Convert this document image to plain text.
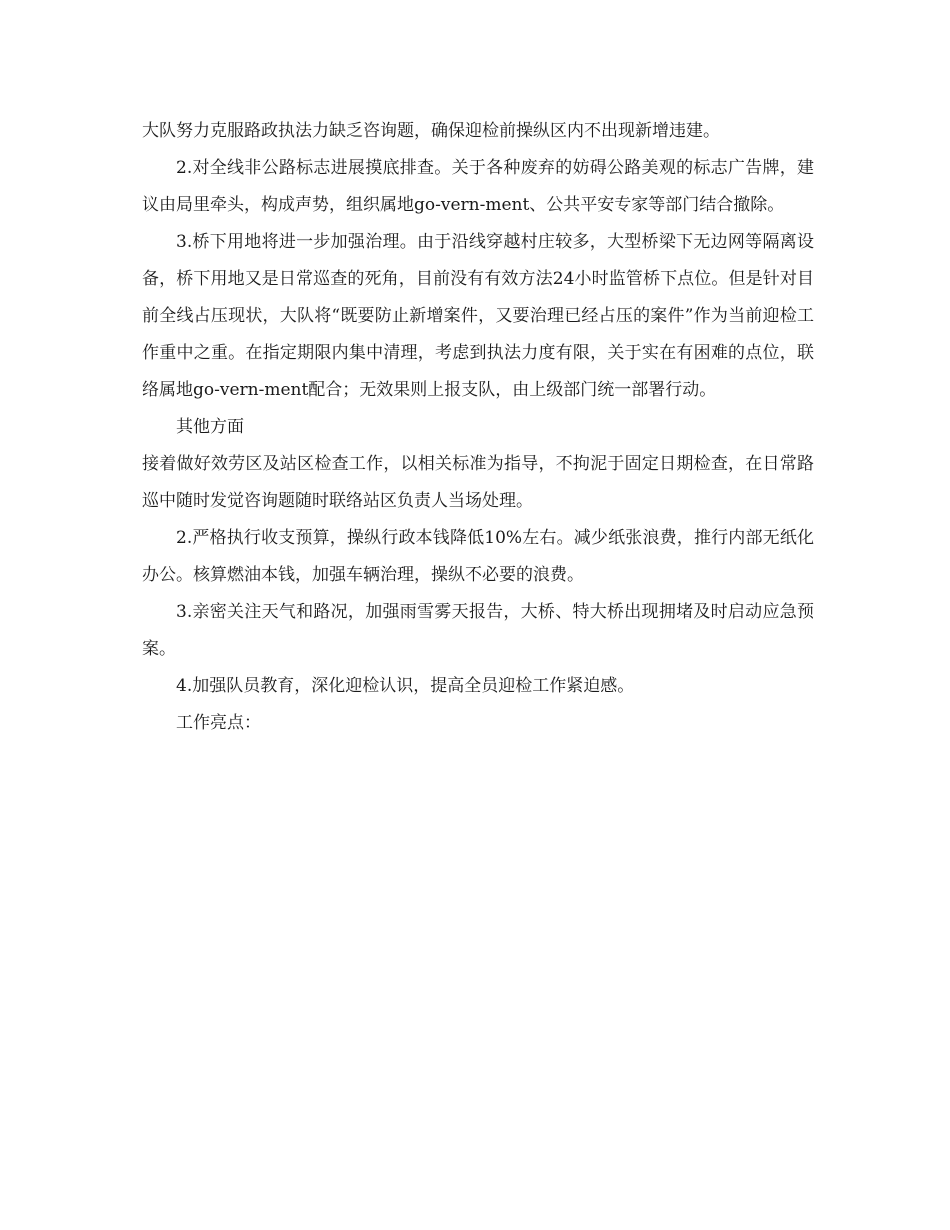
大队努力克服路政执法力缺乏咨询题，确保迎检前操纵区内不出现新增违建。

2.对全线非公路标志进展摸底排查。关于各种废弃的妨碍公路美观的标志广告牌，建议由局里牵头，构成声势，组织属地go-vern-ment、公共平安专家等部门结合撤除。

3.桥下用地将进一步加强治理。由于沿线穿越村庄较多，大型桥梁下无边网等隔离设备，桥下用地又是日常巡查的死角，目前没有有效方法24小时监管桥下点位。但是针对目前全线占压现状，大队将“既要防止新增案件，又要治理已经占压的案件”作为当前迎检工作重中之重。在指定期限内集中清理，考虑到执法力度有限，关于实在有困难的点位，联络属地go-vern-ment配合；无效果则上报支队，由上级部门统一部署行动。

其他方面

接着做好效劳区及站区检查工作，以相关标准为指导，不拘泥于固定日期检查，在日常路巡中随时发觉咨询题随时联络站区负责人当场处理。

2.严格执行收支预算，操纵行政本钱降低10%左右。减少纸张浪费，推行内部无纸化办公。核算燃油本钱，加强车辆治理，操纵不必要的浪费。

3.亲密关注天气和路况，加强雨雪雾天报告，大桥、特大桥出现拥堵及时启动应急预案。

4.加强队员教育，深化迎检认识，提高全员迎检工作紧迫感。

工作亮点：
